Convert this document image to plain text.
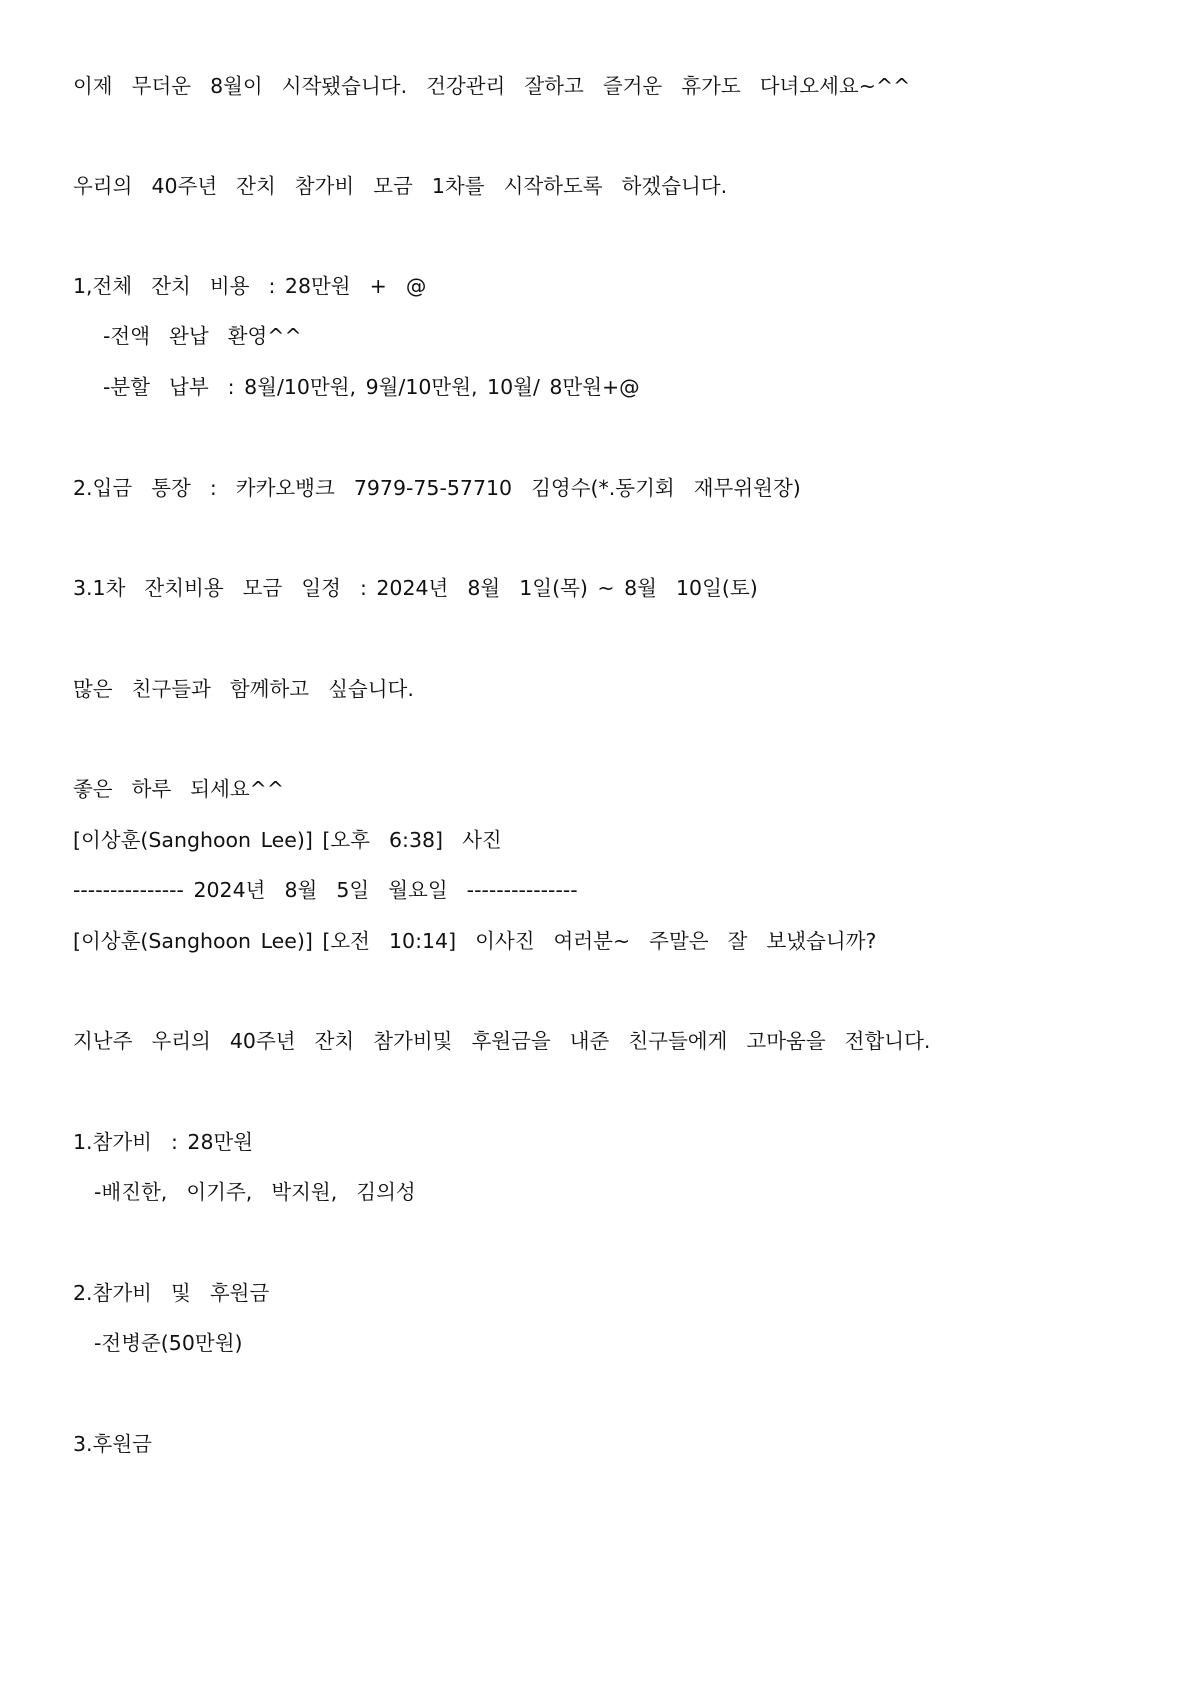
이제  무더운  8월이  시작됐습니다.  건강관리  잘하고  즐거운  휴가도  다녀오세요~^^
우리의  40주년  잔치  참가비  모금  1차를  시작하도록  하겠습니다.
1,전체  잔치  비용  : 28만원  +  @
-전액  완납  환영^^
-분할  납부  : 8월/10만원, 9월/10만원, 10월/ 8만원+@
2.입금  통장  :  카카오뱅크  7979-75-57710  김영수(*.동기회  재무위원장)
3.1차  잔치비용  모금  일정  : 2024년  8월  1일(목) ~ 8월  10일(토)
많은  친구들과  함께하고  싶습니다.
좋은  하루  되세요^^
[이상훈(Sanghoon Lee)] [오후  6:38]  사진
--------------- 2024년  8월  5일  월요일  ---------------
[이상훈(Sanghoon Lee)] [오전  10:14]  이사진  여러분~  주말은  잘  보냈습니까?
지난주  우리의  40주년  잔치  참가비및  후원금을  내준  친구들에게  고마움을  전합니다.
1.참가비  : 28만원
-배진한,  이기주,  박지원,  김의성
2.참가비  및  후원금
-전병준(50만원)
3.후원금
